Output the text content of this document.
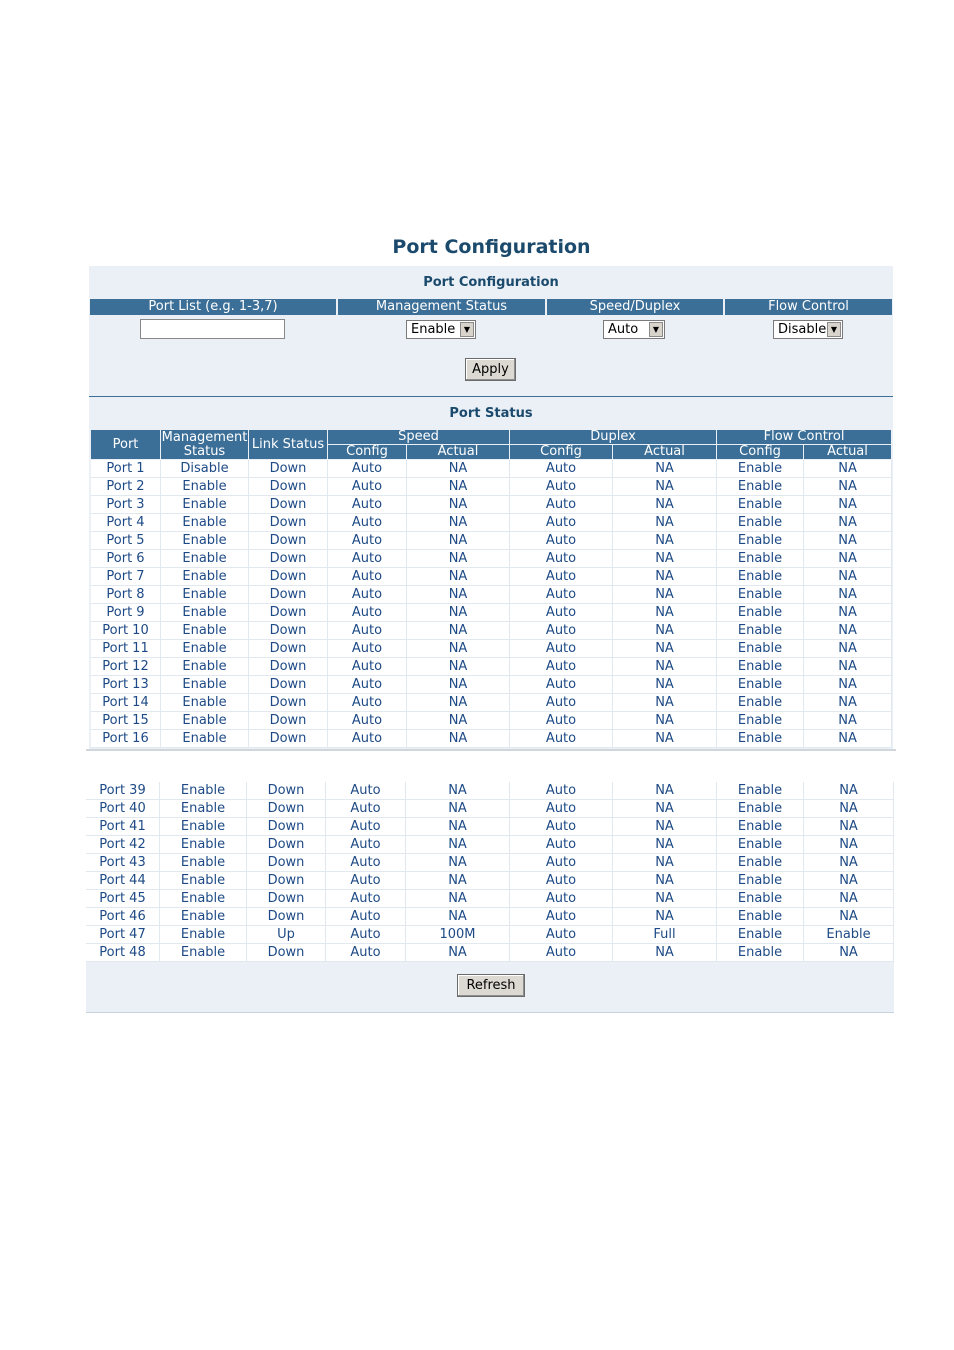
Port Configuration
Port Configuration
Port List (e.g. 1-3,7)	Management Status	Speed/Duplex	Flow Control
Enable	▼	Auto	▼	Disable ▼
Apply
Port Status
Port	Management Status	Link Status	Speed		Duplex		Flow Control	
			Config	Actual	Config	Actual	Config	Actual
Port 1	Disable	Down	Auto	NA	Auto	NA	Enable	NA
Port 2	Enable	Down	Auto	NA	Auto	NA	Enable	NA
Port 3	Enable	Down	Auto	NA	Auto	NA	Enable	NA
Port 4	Enable	Down	Auto	NA	Auto	NA	Enable	NA
Port 5	Enable	Down	Auto	NA	Auto	NA	Enable	NA
Port 6	Enable	Down	Auto	NA	Auto	NA	Enable	NA
Port 7	Enable	Down	Auto	NA	Auto	NA	Enable	NA
Port 8	Enable	Down	Auto	NA	Auto	NA	Enable	NA
Port 9	Enable	Down	Auto	NA	Auto	NA	Enable	NA
Port 10	Enable	Down	Auto	NA	Auto	NA	Enable	NA
Port 11	Enable	Down	Auto	NA	Auto	NA	Enable	NA
Port 12	Enable	Down	Auto	NA	Auto	NA	Enable	NA
Port 13	Enable	Down	Auto	NA	Auto	NA	Enable	NA
Port 14	Enable	Down	Auto	NA	Auto	NA	Enable	NA
Port 15	Enable	Down	Auto	NA	Auto	NA	Enable	NA
Port 16	Enable	Down	Auto	NA	Auto	NA	Enable	NA
Port 39	Enable	Down	Auto	NA	Auto	NA	Enable	NA
Port 40	Enable	Down	Auto	NA	Auto	NA	Enable	NA
Port 41	Enable	Down	Auto	NA	Auto	NA	Enable	NA
Port 42	Enable	Down	Auto	NA	Auto	NA	Enable	NA
Port 43	Enable	Down	Auto	NA	Auto	NA	Enable	NA
Port 44	Enable	Down	Auto	NA	Auto	NA	Enable	NA
Port 45	Enable	Down	Auto	NA	Auto	NA	Enable	NA
Port 46	Enable	Down	Auto	NA	Auto	NA	Enable	NA
Port 47	Enable	Up	Auto	100M	Auto	Full	Enable	Enable
Port 48	Enable	Down	Auto	NA	Auto	NA	Enable	NA
Refresh
